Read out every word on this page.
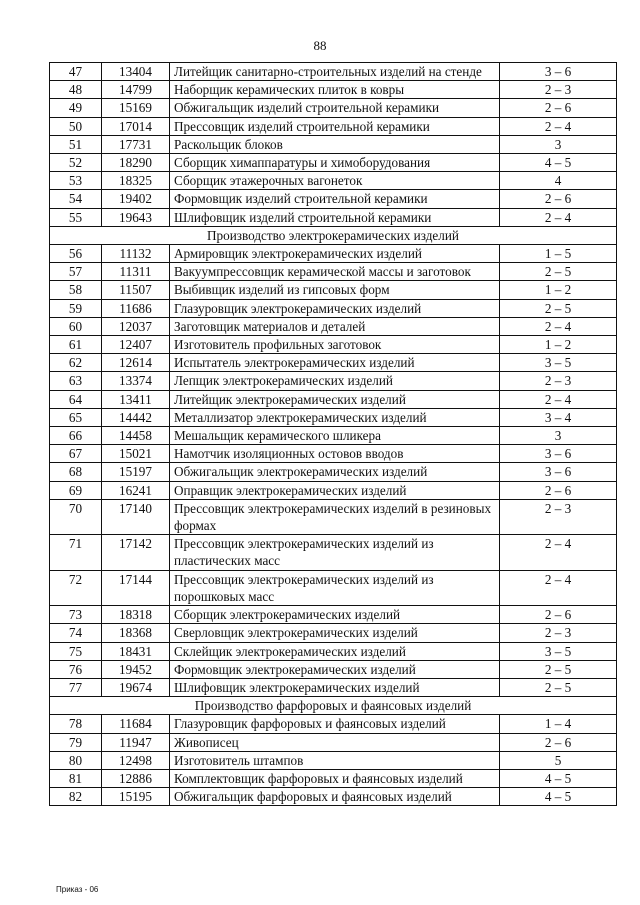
88
47	13404	Литейщик санитарно-строительных изделий на стенде	3 – 6
48	14799	Наборщик керамических плиток в ковры	2 – 3
49	15169	Обжигальщик изделий строительной керамики	2 – 6
50	17014	Прессовщик изделий строительной керамики	2 – 4
51	17731	Раскольщик блоков	3
52	18290	Сборщик химаппаратуры и химоборудования	4 – 5
53	18325	Сборщик этажерочных вагонеток	4
54	19402	Формовщик изделий строительной керамики	2 – 6
55	19643	Шлифовщик изделий строительной керамики	2 – 4
Производство электрокерамических изделий			
56	11132	Армировщик электрокерамических изделий	1 – 5
57	11311	Вакуумпрессовщик керамической массы и заготовок	2 – 5
58	11507	Выбивщик изделий из гипсовых форм	1 – 2
59	11686	Глазуровщик электрокерамических изделий	2 – 5
60	12037	Заготовщик материалов и деталей	2 – 4
61	12407	Изготовитель профильных заготовок	1 – 2
62	12614	Испытатель электрокерамических изделий	3 – 5
63	13374	Лепщик электрокерамических изделий	2 – 3
64	13411	Литейщик электрокерамических изделий	2 – 4
65	14442	Металлизатор электрокерамических изделий	3 – 4
66	14458	Мешальщик керамического шликера	3
67	15021	Намотчик изоляционных остовов вводов	3 – 6
68	15197	Обжигальщик электрокерамических изделий	3 – 6
69	16241	Оправщик электрокерамических изделий	2 – 6
70	17140	Прессовщик электрокерамических изделий в резиновых формах	2 – 3
71	17142	Прессовщик электрокерамических изделий из пластических масс	2 – 4
72	17144	Прессовщик электрокерамических изделий из порошковых масс	2 – 4
73	18318	Сборщик электрокерамических изделий	2 – 6
74	18368	Сверловщик электрокерамических изделий	2 – 3
75	18431	Склейщик электрокерамических изделий	3 – 5
76	19452	Формовщик электрокерамических изделий	2 – 5
77	19674	Шлифовщик электрокерамических изделий	2 – 5
Производство фарфоровых и фаянсовых изделий			
78	11684	Глазуровщик фарфоровых и фаянсовых изделий	1 – 4
79	11947	Живописец	2 – 6
80	12498	Изготовитель штампов	5
81	12886	Комплектовщик фарфоровых и фаянсовых изделий	4 – 5
82	15195	Обжигальщик фарфоровых и фаянсовых изделий	4 – 5
Приказ - 06
